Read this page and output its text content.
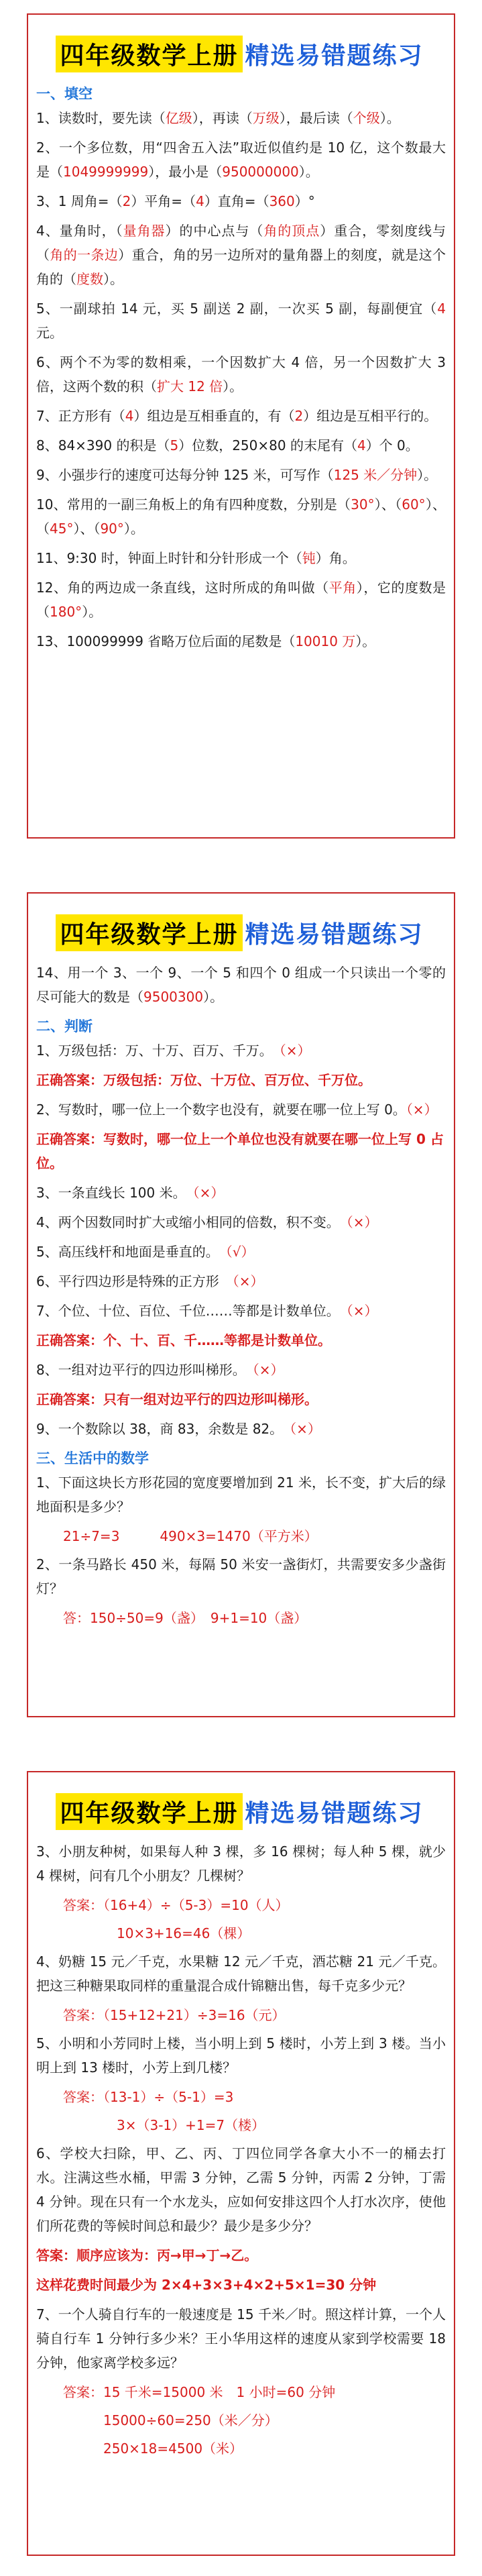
四年级数学上册 精选易错题练习
一、填空
1、读数时，要先读（亿级），再读（万级），最后读（个级）。
2、一个多位数，用“四舍五入法”取近似值约是 10 亿，这个数最大是（1049999999），最小是（950000000）。
3、1 周角=（2）平角=（4）直角=（360）°
4、量角时，（量角器）的中心点与（角的顶点）重合，零刻度线与（角的一条边）重合，角的另一边所对的量角器上的刻度，就是这个角的（度数）。
5、一副球拍 14 元，买 5 副送 2 副，一次买 5 副，每副便宜（4元。
6、两个不为零的数相乘，一个因数扩大 4 倍，另一个因数扩大 3 倍，这两个数的积（扩大 12 倍）。
7、正方形有（4）组边是互相垂直的，有（2）组边是互相平行的。
8、84×390 的积是（5）位数，250×80 的末尾有（4）个 0。
9、小强步行的速度可达每分钟 125 米，可写作（125 米／分钟）。
10、常用的一副三角板上的角有四种度数，分别是（30°）、（60°）、（45°）、（90°）。
11、9:30 时，钟面上时针和分针形成一个（钝）角。
12、角的两边成一条直线，这时所成的角叫做（平角），它的度数是（180°）。
13、100099999 省略万位后面的尾数是（10010 万）。
四年级数学上册 精选易错题练习
14、用一个 3、一个 9、一个 5 和四个 0 组成一个只读出一个零的尽可能大的数是（9500300）。
二、判断
1、万级包括：万、十万、百万、千万。　 （×）
正确答案：万级包括：万位、十万位、百万位、千万位。
2、写数时，哪一位上一个数字也没有，就要在哪一位上写 0。（×）
正确答案：写数时，哪一位上一个单位也没有就要在哪一位上写 0 占位。
3、一条直线长 100 米。　 （×）
4、两个因数同时扩大或缩小相同的倍数，积不变。　 （×）
5、高压线杆和地面是垂直的。　 （√）
6、平行四边形是特殊的正方形　 （×）
7、个位、十位、百位、千位……等都是计数单位。　 （×）
正确答案：个、十、百、千……等都是计数单位。
8、一组对边平行的四边形叫梯形。　 （×）
正确答案：只有一组对边平行的四边形叫梯形。
9、一个数除以 38，商 83，余数是 82。　 （×）
三、生活中的数学
1、下面这块长方形花园的宽度要增加到 21 米，长不变，扩大后的绿地面积是多少？
21÷7=3　　　	490×3=1470（平方米）
2、一条马路长 450 米，每隔 50 米安一盏街灯，共需要安多少盏街灯？
答：150÷50=9（盏）　9+1=10（盏）
四年级数学上册 精选易错题练习
3、小朋友种树，如果每人种 3 棵，多 16 棵树；每人种 5 棵，就少 4 棵树，问有几个小朋友？几棵树？
答案：（16+4）÷（5-3）=10（人）
10×3+16=46（棵）
4、奶糖 15 元／千克，水果糖 12 元／千克，酒芯糖 21 元／千克。把这三种糖果取同样的重量混合成什锦糖出售，每千克多少元？
答案：（15+12+21）÷3=16（元）
5、小明和小芳同时上楼，当小明上到 5 楼时，小芳上到 3 楼。当小明上到 13 楼时，小芳上到几楼？
答案：（13-1）÷（5-1）=3
3×（3-1）+1=7（楼）
6、学校大扫除，甲、乙、丙、丁四位同学各拿大小不一的桶去打水。注满这些水桶，甲需 3 分钟，乙需 5 分钟，丙需 2 分钟，丁需 4 分钟。现在只有一个水龙头，应如何安排这四个人打水次序，使他们所花费的等候时间总和最少？最少是多少分？
答案：顺序应该为：丙→甲→丁→乙。
这样花费时间最少为 2×4+3×3+4×2+5×1=30 分钟
7、一个人骑自行车的一般速度是 15 千米／时。照这样计算，一个人骑自行车 1 分钟行多少米？王小华用这样的速度从家到学校需要 18 分钟，他家离学校多远？
答案：15 千米=15000 米　1 小时=60 分钟
15000÷60=250（米／分）
250×18=4500（米）
